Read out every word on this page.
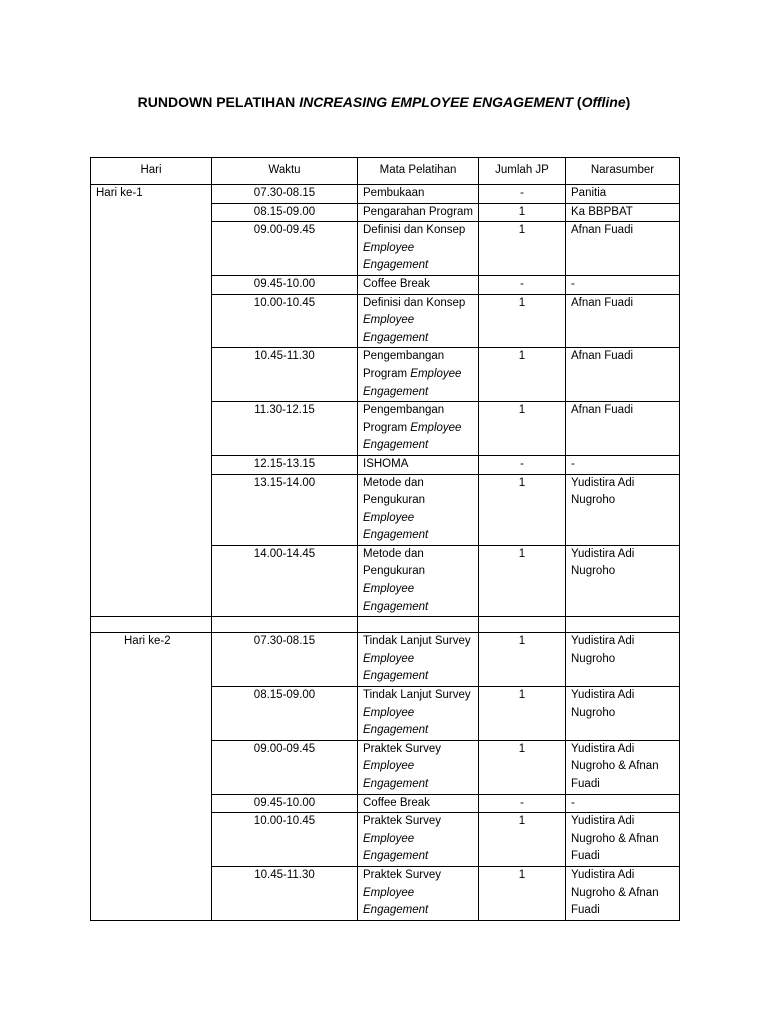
RUNDOWN PELATIHAN INCREASING EMPLOYEE ENGAGEMENT (Offline)
Hari	Waktu	Mata Pelatihan	Jumlah JP	Narasumber
Hari ke-1	07.30-08.15	Pembukaan	-	Panitia
	08.15-09.00	Pengarahan Program	1	Ka BBPBAT
	09.00-09.45	Definisi dan Konsep Employee Engagement	1	Afnan Fuadi
	09.45-10.00	Coffee Break	-	-
	10.00-10.45	Definisi dan Konsep Employee Engagement	1	Afnan Fuadi
	10.45-11.30	Pengembangan Program Employee Engagement	1	Afnan Fuadi
	11.30-12.15	Pengembangan Program Employee Engagement	1	Afnan Fuadi
	12.15-13.15	ISHOMA	-	-
	13.15-14.00	Metode dan Pengukuran Employee Engagement	1	Yudistira Adi Nugroho
	14.00-14.45	Metode dan Pengukuran Employee Engagement	1	Yudistira Adi Nugroho

Hari ke-2	07.30-08.15	Tindak Lanjut Survey Employee Engagement	1	Yudistira Adi Nugroho
	08.15-09.00	Tindak Lanjut Survey Employee Engagement	1	Yudistira Adi Nugroho
	09.00-09.45	Praktek Survey Employee Engagement	1	Yudistira Adi Nugroho & Afnan Fuadi
	09.45-10.00	Coffee Break	-	-
	10.00-10.45	Praktek Survey Employee Engagement	1	Yudistira Adi Nugroho & Afnan Fuadi
	10.45-11.30	Praktek Survey Employee Engagement	1	Yudistira Adi Nugroho & Afnan Fuadi
